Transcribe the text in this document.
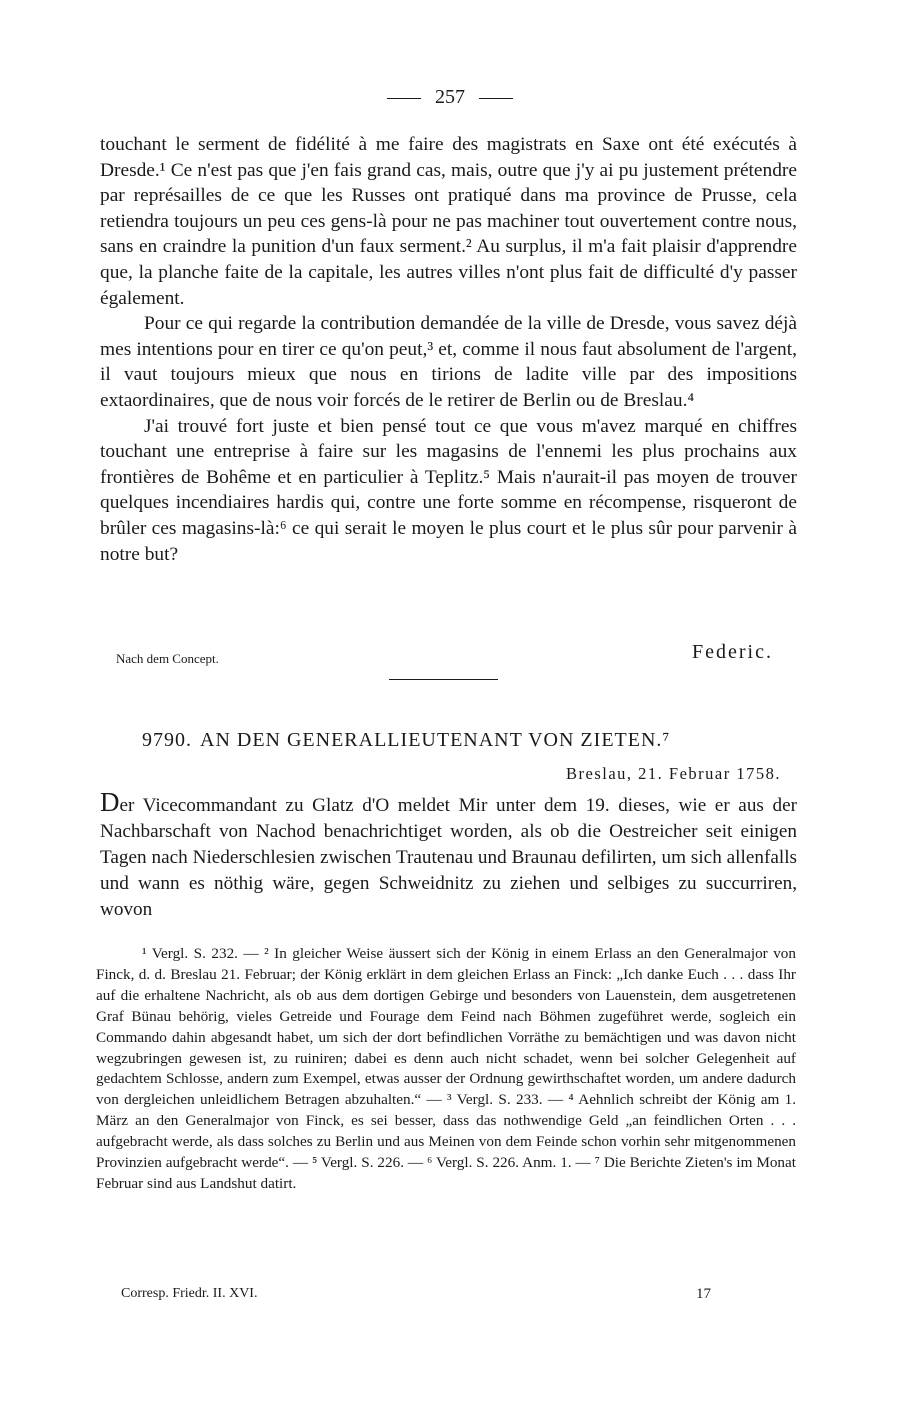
257

touchant le serment de fidélité à me faire des magistrats en Saxe ont été exécutés à Dresde.¹ Ce n'est pas que j'en fais grand cas, mais, outre que j'y ai pu justement prétendre par représailles de ce que les Russes ont pratiqué dans ma province de Prusse, cela retiendra toujours un peu ces gens-là pour ne pas machiner tout ouvertement contre nous, sans en craindre la punition d'un faux serment.² Au surplus, il m'a fait plaisir d'apprendre que, la planche faite de la capitale, les autres villes n'ont plus fait de difficulté d'y passer également.

Pour ce qui regarde la contribution demandée de la ville de Dresde, vous savez déjà mes intentions pour en tirer ce qu'on peut,³ et, comme il nous faut absolument de l'argent, il vaut toujours mieux que nous en tirions de ladite ville par des impositions extaordinaires, que de nous voir forcés de le retirer de Berlin ou de Breslau.⁴

J'ai trouvé fort juste et bien pensé tout ce que vous m'avez marqué en chiffres touchant une entreprise à faire sur les magasins de l'ennemi les plus prochains aux frontières de Bohême et en particulier à Teplitz.⁵ Mais n'aurait-il pas moyen de trouver quelques incendiaires hardis qui, contre une forte somme en récompense, risqueront de brûler ces magasins-là:⁶ ce qui serait le moyen le plus court et le plus sûr pour parvenir à notre but?

Nach dem Concept.	Federic.
9790. AN DEN GENERALLIEUTENANT VON ZIETEN.⁷
Breslau, 21. Februar 1758.

Der Vicecommandant zu Glatz d'O meldet Mir unter dem 19. dieses, wie er aus der Nachbarschaft von Nachod benachrichtiget worden, als ob die Oestreicher seit einigen Tagen nach Niederschlesien zwischen Trautenau und Braunau defilirten, um sich allenfalls und wann es nöthig wäre, gegen Schweidnitz zu ziehen und selbiges zu succurriren, wovon

¹ Vergl. S. 232. — ² In gleicher Weise äussert sich der König in einem Erlass an den Generalmajor von Finck, d. d. Breslau 21. Februar; der König erklärt in dem gleichen Erlass an Finck: „Ich danke Euch . . . dass Ihr auf die erhaltene Nachricht, als ob aus dem dortigen Gebirge und besonders von Lauenstein, dem ausgetretenen Graf Bünau behörig, vieles Getreide und Fourage dem Feind nach Böhmen zugeführet werde, sogleich ein Commando dahin abgesandt habet, um sich der dort befindlichen Vorräthe zu bemächtigen und was davon nicht wegzubringen gewesen ist, zu ruiniren; dabei es denn auch nicht schadet, wenn bei solcher Gelegenheit auf gedachtem Schlosse, andern zum Exempel, etwas ausser der Ordnung gewirthschaftet worden, um andere dadurch von dergleichen unleidlichem Betragen abzuhalten.“ — ³ Vergl. S. 233. — ⁴ Aehnlich schreibt der König am 1. März an den Generalmajor von Finck, es sei besser, dass das nothwendige Geld „an feindlichen Orten . . . aufgebracht werde, als dass solches zu Berlin und aus Meinen von dem Feinde schon vorhin sehr mitgenommenen Provinzien aufgebracht werde“. — ⁵ Vergl. S. 226. — ⁶ Vergl. S. 226. Anm. 1. — ⁷ Die Berichte Zieten's im Monat Februar sind aus Landshut datirt.

Corresp. Friedr. II. XVI.	17
